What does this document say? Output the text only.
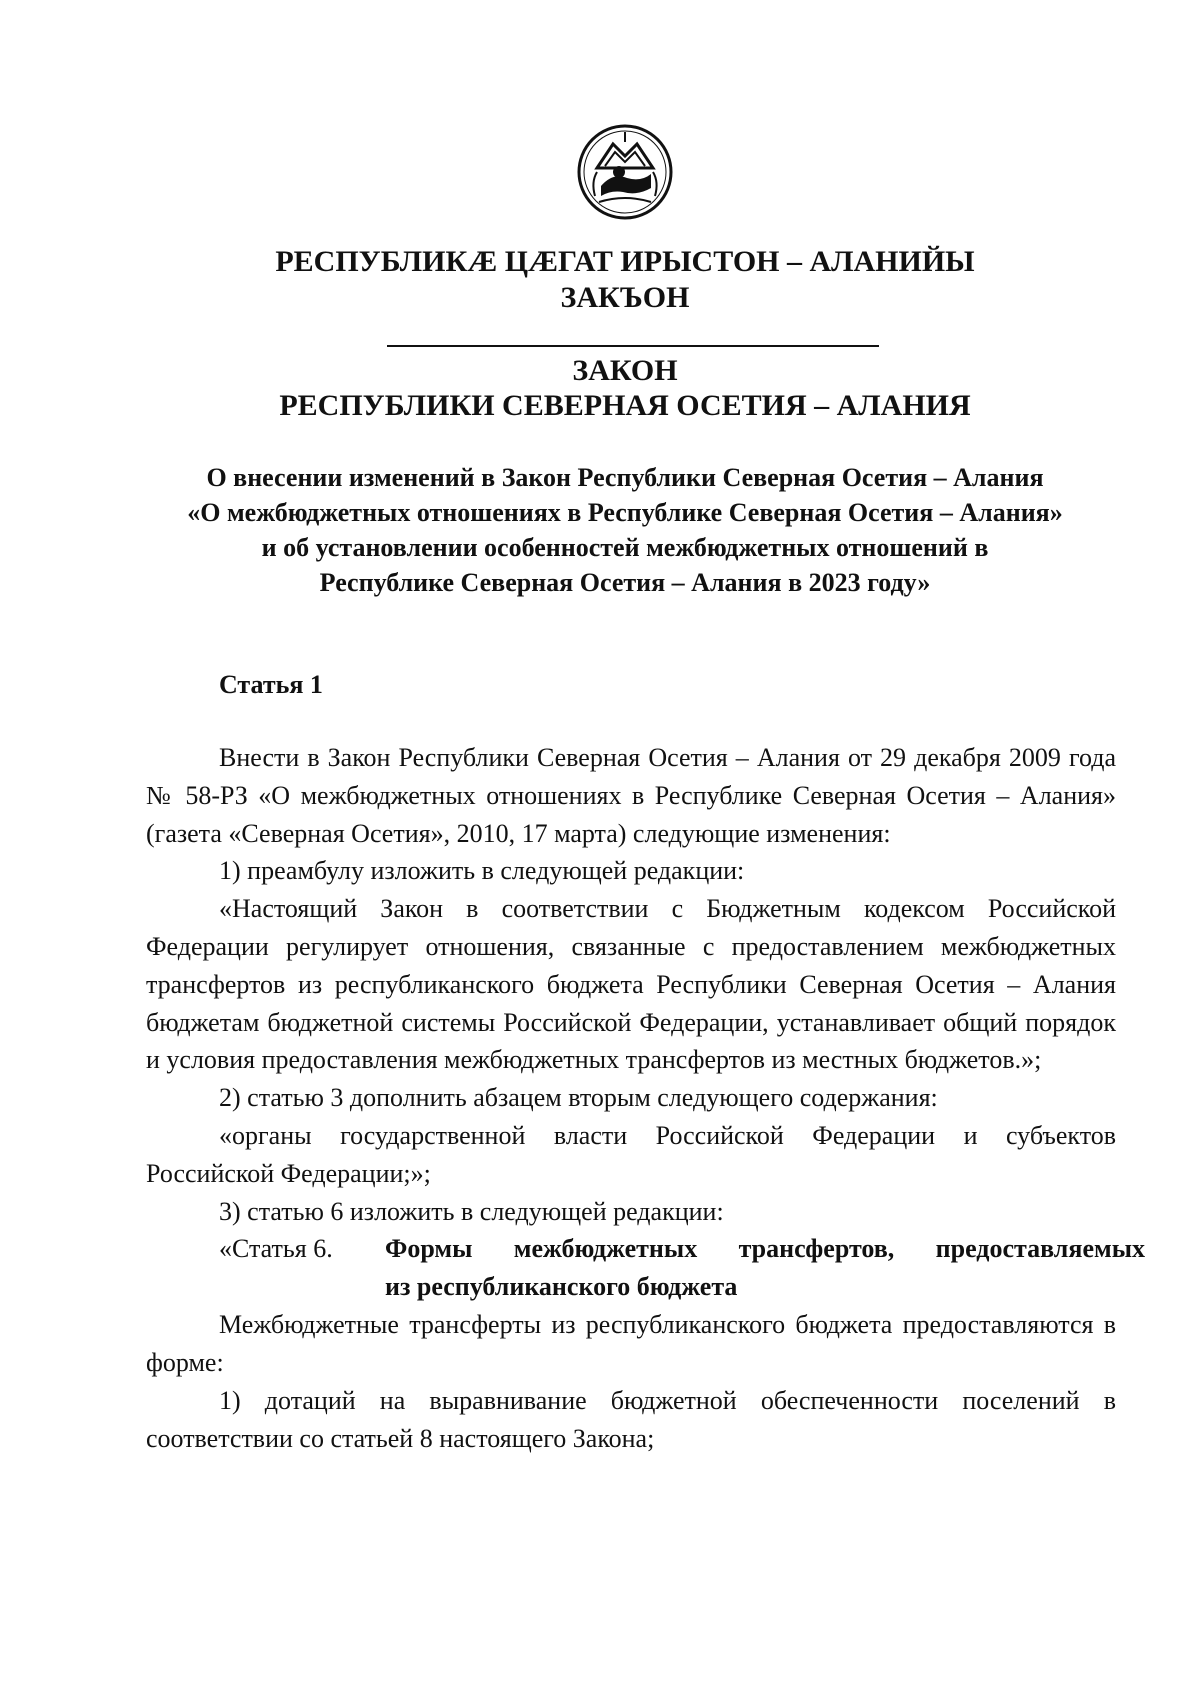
РЕСПУБЛИКӔ ЦӔГАТ ИРЫСТОН – АЛАНИЙЫ
ЗАКЪОН
ЗАКОН
РЕСПУБЛИКИ СЕВЕРНАЯ ОСЕТИЯ – АЛАНИЯ
О внесении изменений в Закон Республики Северная Осетия – Алания
«О межбюджетных отношениях в Республике Северная Осетия – Алания»
и об установлении особенностей межбюджетных отношений в
Республике Северная Осетия – Алания в 2023 году»
Статья 1

Внести в Закон Республики Северная Осетия – Алания от 29 декабря 2009 года № 58-РЗ «О межбюджетных отношениях в Республике Северная Осетия – Алания» (газета «Северная Осетия», 2010, 17 марта) следующие изменения:

1) преамбулу изложить в следующей редакции:

«Настоящий Закон в соответствии с Бюджетным кодексом Российской Федерации регулирует отношения, связанные с предоставлением межбюджетных трансфертов из республиканского бюджета Республики Северная Осетия – Алания бюджетам бюджетной системы Российской Федерации, устанавливает общий порядок и условия предоставления межбюджетных трансфертов из местных бюджетов.»;

2) статью 3 дополнить абзацем вторым следующего содержания:

«органы государственной власти Российской Федерации и субъектов Российской Федерации;»;

3) статью 6 изложить в следующей редакции:

«Статья 6. Формы межбюджетных трансфертов, предоставляемых
из республиканского бюджета

Межбюджетные трансферты из республиканского бюджета предоставляются в форме:

1) дотаций на выравнивание бюджетной обеспеченности поселений в соответствии со статьей 8 настоящего Закона;
